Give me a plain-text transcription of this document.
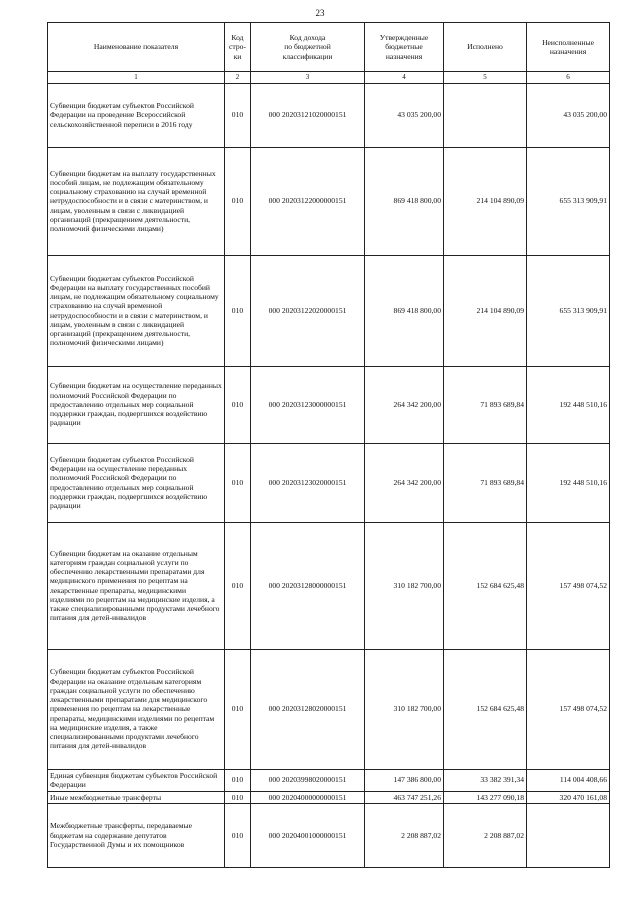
23
Наименование показателя	Код
стро-
ки	Код дохода
по бюджетной
классификации	Утвержденные
бюджетные
назначения	Исполнено	Неисполненные
назначения
1	2	3	4	5	6
Субвенции бюджетам субъектов Российской Федерации на проведение Всероссийской сельскохозяйственной переписи в 2016 году	010	000 20203121020000151	43 035 200,00		43 035 200,00
Субвенции бюджетам на выплату государственных пособий лицам, не подлежащим обязательному социальному страхованию на случай временной нетрудоспособности и в связи с материнством, и лицам, уволенным в связи с ликвидацией организаций (прекращением деятельности, полномочий физическими лицами)	010	000 20203122000000151	869 418 800,00	214 104 890,09	655 313 909,91
Субвенции бюджетам субъектов Российской Федерации на выплату государственных пособий лицам, не подлежащим обязательному социальному страхованию на случай временной нетрудоспособности и в связи с материнством, и лицам, уволенным в связи с ликвидацией организаций (прекращением деятельности, полномочий физическими лицами)	010	000 20203122020000151	869 418 800,00	214 104 890,09	655 313 909,91
Субвенции бюджетам на осуществление переданных полномочий Российской Федерации по предоставлению отдельных мер социальной поддержки граждан, подвергшихся воздействию радиации	010	000 20203123000000151	264 342 200,00	71 893 689,84	192 448 510,16
Субвенции бюджетам субъектов Российской Федерации на осуществление переданных полномочий Российской Федерации по предоставлению отдельных мер социальной поддержки граждан, подвергшихся воздействию радиации	010	000 20203123020000151	264 342 200,00	71 893 689,84	192 448 510,16
Субвенции бюджетам на оказание отдельным категориям граждан социальной услуги по обеспечению лекарственными препаратами для медицинского применения по рецептам на лекарственные препараты, медицинскими изделиями по рецептам на медицинские изделия, а также специализированными продуктами лечебного питания для детей-инвалидов	010	000 20203128000000151	310 182 700,00	152 684 625,48	157 498 074,52
Субвенции бюджетам субъектов Российской Федерации на оказание отдельным категориям граждан социальной услуги по обеспечению лекарственными препаратами для медицинского применения по рецептам на лекарственные препараты, медицинскими изделиями по рецептам на медицинские изделия, а также специализированными продуктами лечебного питания для детей-инвалидов	010	000 20203128020000151	310 182 700,00	152 684 625,48	157 498 074,52
Единая субвенция бюджетам субъектов Российской Федерации	010	000 20203998020000151	147 386 800,00	33 382 391,34	114 004 408,66
Иные межбюджетные трансферты	010	000 20204000000000151	463 747 251,26	143 277 090,18	320 470 161,08
Межбюджетные трансферты, передаваемые бюджетам на содержание депутатов Государственной Думы и их помощников	010	000 20204001000000151	2 208 887,02	2 208 887,02	
